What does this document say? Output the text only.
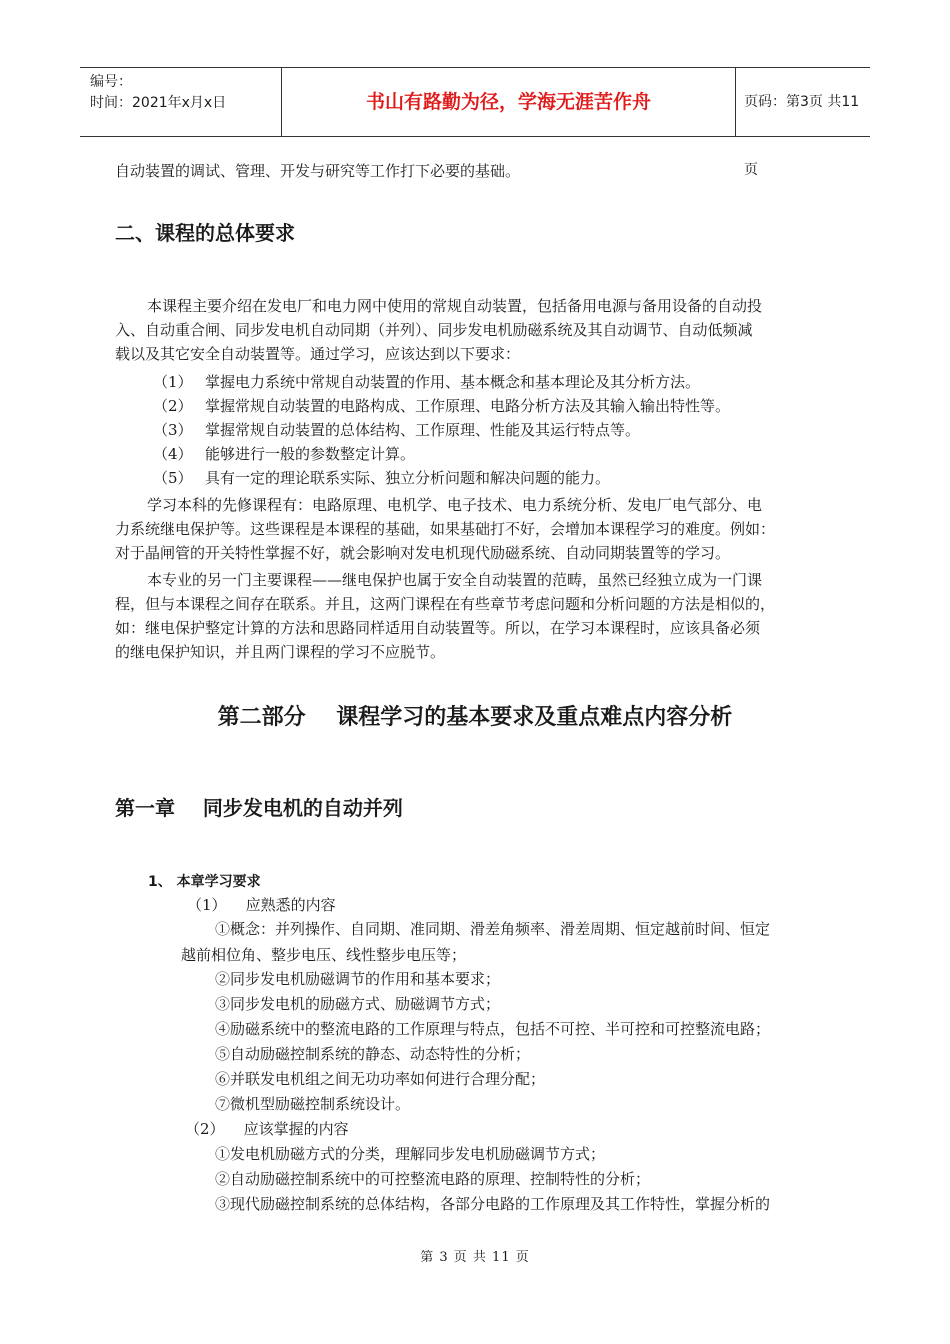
编号：
时间：2021年x月x日	书山有路勤为径，学海无涯苦作舟	页码：第3页 共11页
自动装置的调试、管理、开发与研究等工作打下必要的基础。
二、课程的总体要求
本课程主要介绍在发电厂和电力网中使用的常规自动装置，包括备用电源与备用设备的自动投
入、自动重合闸、同步发电机自动同期（并列）、同步发电机励磁系统及其自动调节、自动低频减
载以及其它安全自动装置等。通过学习，应该达到以下要求：
（1） 掌握电力系统中常规自动装置的作用、基本概念和基本理论及其分析方法。
（2） 掌握常规自动装置的电路构成、工作原理、电路分析方法及其输入输出特性等。
（3） 掌握常规自动装置的总体结构、工作原理、性能及其运行特点等。
（4） 能够进行一般的参数整定计算。
（5） 具有一定的理论联系实际、独立分析问题和解决问题的能力。
学习本科的先修课程有：电路原理、电机学、电子技术、电力系统分析、发电厂电气部分、电
力系统继电保护等。这些课程是本课程的基础，如果基础打不好，会增加本课程学习的难度。例如：
对于晶闸管的开关特性掌握不好，就会影响对发电机现代励磁系统、自动同期装置等的学习。
本专业的另一门主要课程——继电保护也属于安全自动装置的范畴，虽然已经独立成为一门课
程，但与本课程之间存在联系。并且，这两门课程在有些章节考虑问题和分析问题的方法是相似的，
如：继电保护整定计算的方法和思路同样适用自动装置等。所以，在学习本课程时，应该具备必须
的继电保护知识，并且两门课程的学习不应脱节。
第二部分    课程学习的基本要求及重点难点内容分析
第一章    同步发电机的自动并列
1、 本章学习要求
（1）    应熟悉的内容
①概念：并列操作、自同期、准同期、滑差角频率、滑差周期、恒定越前时间、恒定
越前相位角、整步电压、线性整步电压等；
②同步发电机励磁调节的作用和基本要求；
③同步发电机的励磁方式、励磁调节方式；
④励磁系统中的整流电路的工作原理与特点，包括不可控、半可控和可控整流电路；
⑤自动励磁控制系统的静态、动态特性的分析；
⑥并联发电机组之间无功功率如何进行合理分配；
⑦微机型励磁控制系统设计。
（2）    应该掌握的内容
①发电机励磁方式的分类，理解同步发电机励磁调节方式；
②自动励磁控制系统中的可控整流电路的原理、控制特性的分析；
③现代励磁控制系统的总体结构，各部分电路的工作原理及其工作特性，掌握分析的
第 3 页 共 11 页
